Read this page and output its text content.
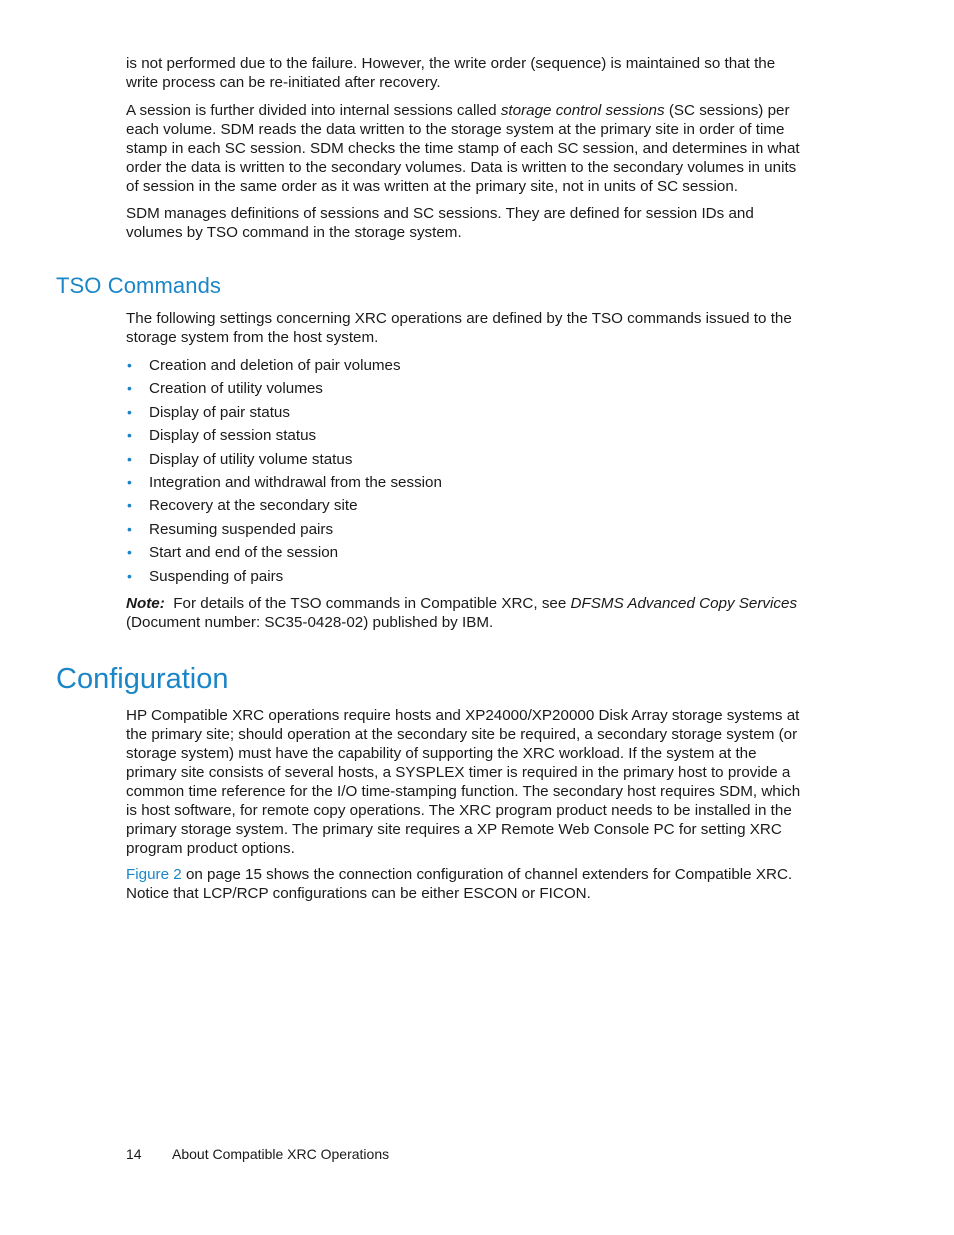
is not performed due to the failure. However, the write order (sequence) is maintained so that the write process can be re-initiated after recovery.

A session is further divided into internal sessions called storage control sessions (SC sessions) per each volume. SDM reads the data written to the storage system at the primary site in order of time stamp in each SC session. SDM checks the time stamp of each SC session, and determines in what order the data is written to the secondary volumes. Data is written to the secondary volumes in units of session in the same order as it was written at the primary site, not in units of SC session.

SDM manages definitions of sessions and SC sessions. They are defined for session IDs and volumes by TSO command in the storage system.

TSO Commands

The following settings concerning XRC operations are defined by the TSO commands issued to the storage system from the host system.

• Creation and deletion of pair volumes
• Creation of utility volumes
• Display of pair status
• Display of session status
• Display of utility volume status
• Integration and withdrawal from the session
• Recovery at the secondary site
• Resuming suspended pairs
• Start and end of the session
• Suspending of pairs

Note:  For details of the TSO commands in Compatible XRC, see DFSMS Advanced Copy Services (Document number: SC35-0428-02) published by IBM.

Configuration

HP Compatible XRC operations require hosts and XP24000/XP20000 Disk Array storage systems at the primary site; should operation at the secondary site be required, a secondary storage system (or storage system) must have the capability of supporting the XRC workload. If the system at the primary site consists of several hosts, a SYSPLEX timer is required in the primary host to provide a common time reference for the I/O time-stamping function. The secondary host requires SDM, which is host software, for remote copy operations. The XRC program product needs to be installed in the primary storage system. The primary site requires a XP Remote Web Console PC for setting XRC program product options.

Figure 2 on page 15 shows the connection configuration of channel extenders for Compatible XRC. Notice that LCP/RCP configurations can be either ESCON or FICON.

14 About Compatible XRC Operations
